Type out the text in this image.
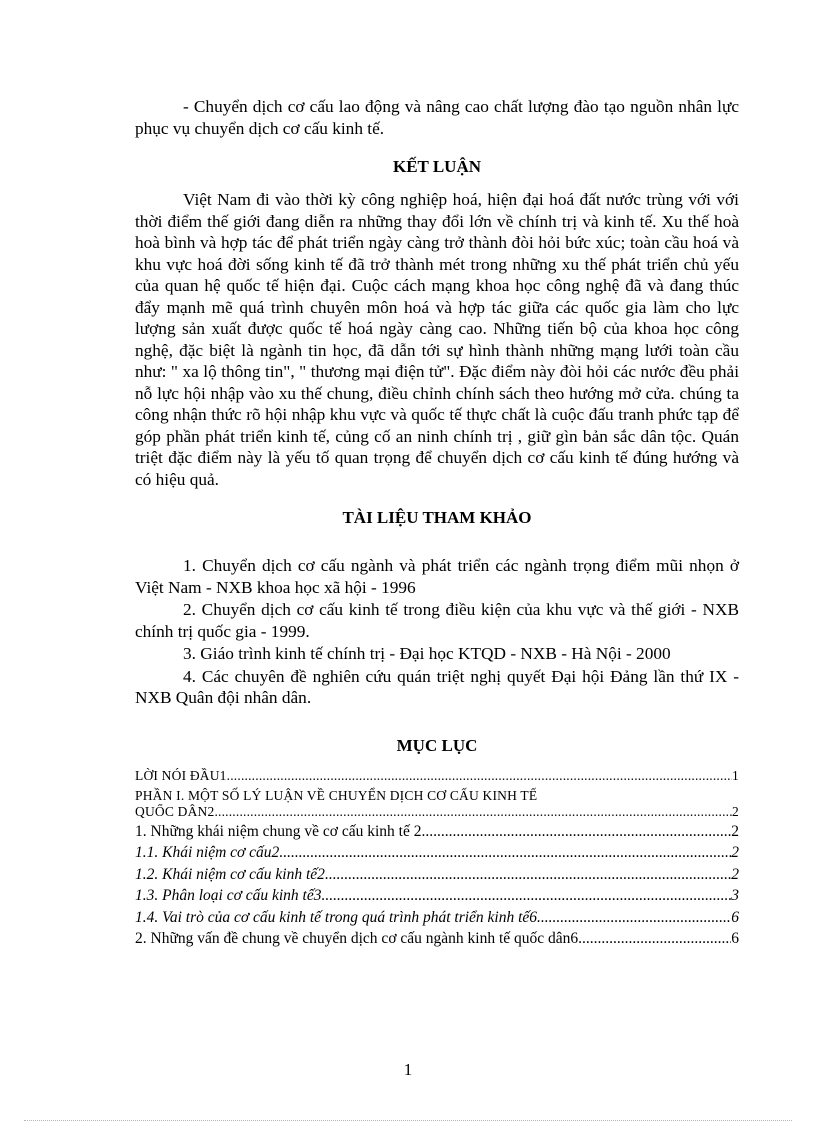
- Chuyển dịch cơ cấu lao động và nâng cao chất lượng đào tạo nguồn nhân lực phục vụ chuyển dịch cơ cấu kinh tế.

KẾT LUẬN

Việt Nam đi vào thời kỳ công nghiệp hoá, hiện đại hoá đất nước trùng với với thời điểm thế giới đang diễn ra những thay đổi lớn về chính trị và kinh tế. Xu thế hoà hoà bình và hợp tác để phát triển ngày càng trở thành đòi hỏi bức xúc; toàn cầu hoá và khu vực hoá đời sống kinh tế đã trở thành mét trong những xu thế phát triển chủ yếu của quan hệ quốc tế hiện đại. Cuộc cách mạng khoa học công nghệ đã và đang thúc đẩy mạnh mẽ quá trình chuyên môn hoá và hợp tác giữa các quốc gia làm cho lực lượng sản xuất được quốc tế hoá ngày càng cao. Những tiến bộ của khoa học công nghệ, đặc biệt là ngành tin học, đã dẫn tới sự hình thành những mạng lưới toàn cầu như: " xa lộ thông tin", " thương mại điện tử". Đặc điểm này đòi hỏi các nước đều phải nỗ lực hội nhập vào xu thế chung, điều chỉnh chính sách theo hướng mở cửa. chúng ta công nhận thức rõ hội nhập khu vực và quốc tế thực chất là cuộc đấu tranh phức tạp để góp phần phát triển kinh tế, củng cố an ninh chính trị , giữ gìn bản sắc dân tộc. Quán triệt đặc điểm này là yếu tố quan trọng để chuyển dịch cơ cấu kinh tế đúng hướng và có hiệu quả.

TÀI LIỆU THAM KHẢO

1. Chuyển dịch cơ cấu ngành và phát triển các ngành trọng điểm mũi nhọn ở Việt Nam - NXB khoa học xã hội - 1996

2. Chuyển dịch cơ cấu kinh tế trong điều kiện của khu vực và thế giới - NXB chính trị quốc gia - 1999.

3. Giáo trình kinh tế chính trị - Đại học KTQD - NXB - Hà Nội - 2000

4. Các chuyên đề nghiên cứu quán triệt nghị quyết Đại hội Đảng lần thứ IX - NXB Quân đội nhân dân.

MỤC LỤC
LỜI NÓI ĐẦU1 .....	1
PHẦN I. MỘT SỐ LÝ LUẬN VỀ CHUYỂN DỊCH CƠ CẤU KINH TẾ
QUỐC DÂN2 .....	2
1. Những khái niệm chung về cơ cấu kinh tế 2 .....	2
1.1. Khái niệm cơ cấu2 .....	2
1.2. Khái niệm cơ cấu kinh tế2 .....	2
1.3. Phân loại cơ cấu kinh tế3 .....	3
1.4. Vai trò của cơ cấu kinh tế trong quá trình phát triển kinh tế6 .....	6
2. Những vấn đề chung về chuyển dịch cơ cấu ngành kinh tế quốc dân6 .....	6
1
